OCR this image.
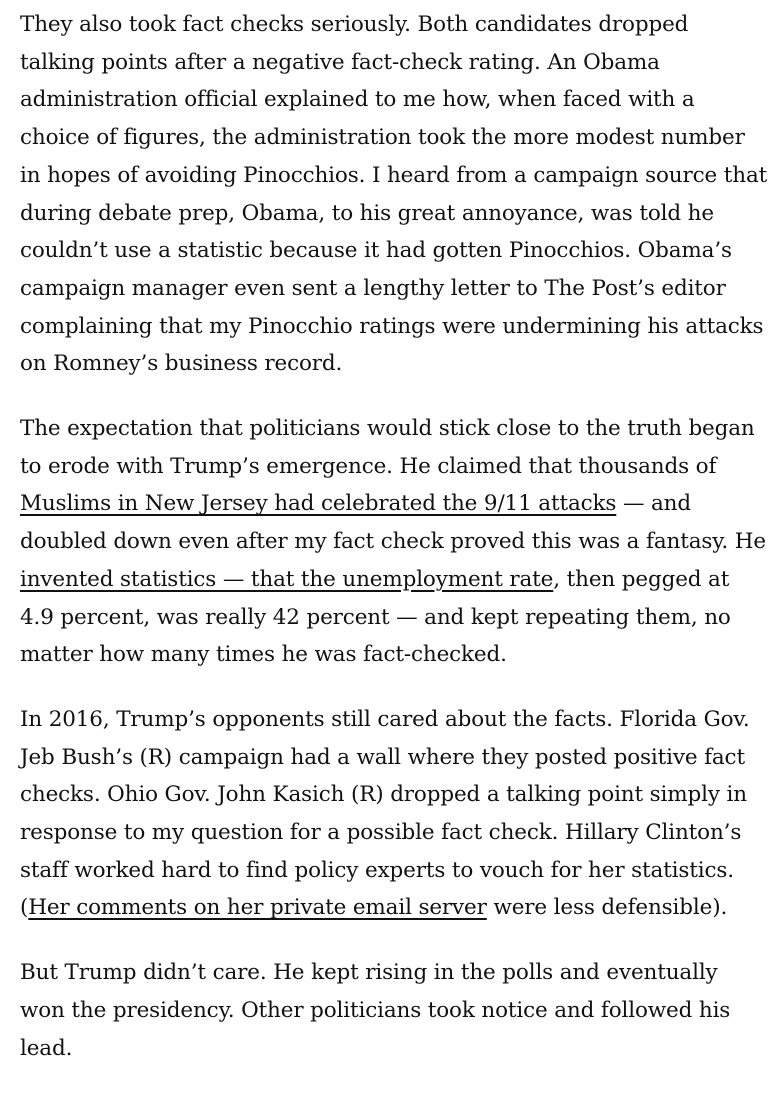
They also took fact checks seriously. Both candidates dropped talking points after a negative fact-check rating. An Obama administration official explained to me how, when faced with a choice of figures, the administration took the more modest number in hopes of avoiding Pinocchios. I heard from a campaign source that during debate prep, Obama, to his great annoyance, was told he couldn’t use a statistic because it had gotten Pinocchios. Obama’s campaign manager even sent a lengthy letter to The Post’s editor complaining that my Pinocchio ratings were undermining his attacks on Romney’s business record.

The expectation that politicians would stick close to the truth began to erode with Trump’s emergence. He claimed that thousands of Muslims in New Jersey had celebrated the 9/11 attacks — and doubled down even after my fact check proved this was a fantasy. He invented statistics — that the unemployment rate, then pegged at 4.9 percent, was really 42 percent — and kept repeating them, no matter how many times he was fact-checked.

In 2016, Trump’s opponents still cared about the facts. Florida Gov. Jeb Bush’s (R) campaign had a wall where they posted positive fact checks. Ohio Gov. John Kasich (R) dropped a talking point simply in response to my question for a possible fact check. Hillary Clinton’s staff worked hard to find policy experts to vouch for her statistics. (Her comments on her private email server were less defensible).

But Trump didn’t care. He kept rising in the polls and eventually won the presidency. Other politicians took notice and followed his lead.
